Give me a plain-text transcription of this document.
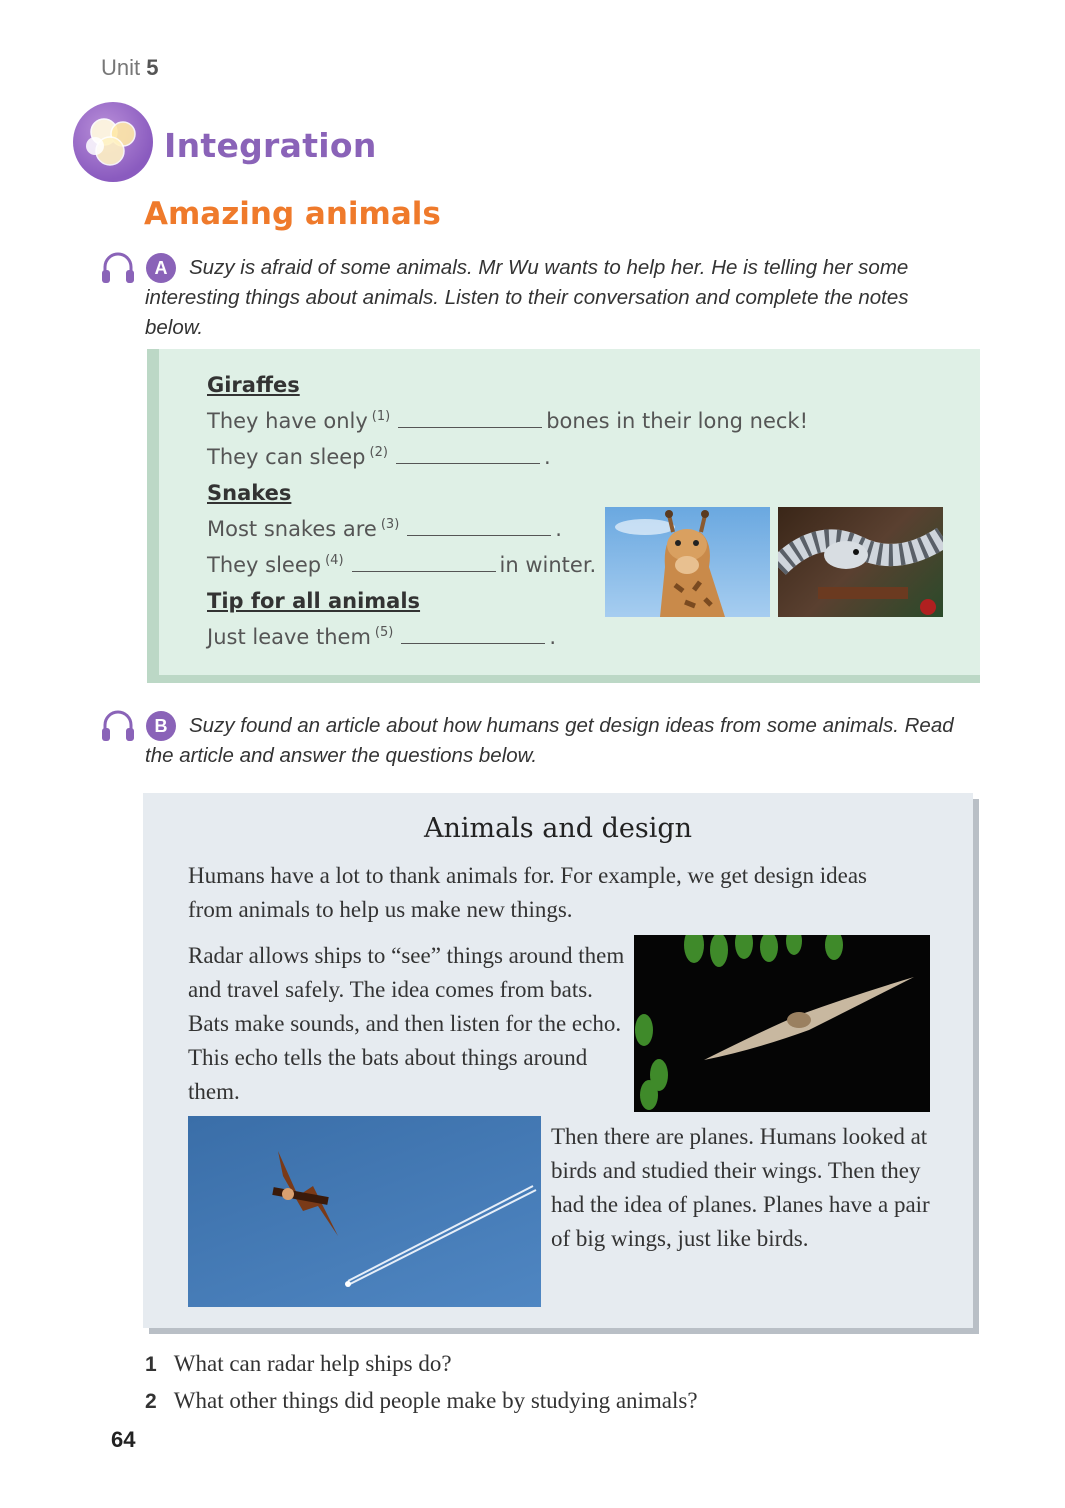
Unit 5
Integration
Amazing animals
A	Suzy is afraid of some animals. Mr Wu wants to help her. He is telling her some interesting things about animals. Listen to their conversation and complete the notes below.
Giraffes
They have only $^{(1)}$	bones in their long neck!
They can sleep $^{(2)}$	.
Snakes
Most snakes are $^{(3)}$	.
They sleep $^{(4)}$	in winter.
Tip for all animals
Just leave them $^{(5)}$	.
B	Suzy found an article about how humans get design ideas from some animals. Read the article and answer the questions below.
Animals and design
Humans have a lot to thank animals for. For example, we get design ideas from animals to help us make new things.
Radar allows ships to “see” things around them and travel safely. The idea comes from bats. Bats make sounds, and then listen for the echo. This echo tells the bats about things around them.
Then there are planes. Humans looked at birds and studied their wings. Then they had the idea of planes. Planes have a pair of big wings, just like birds.
1 What can radar help ships do?
2 What other things did people make by studying animals?
64
